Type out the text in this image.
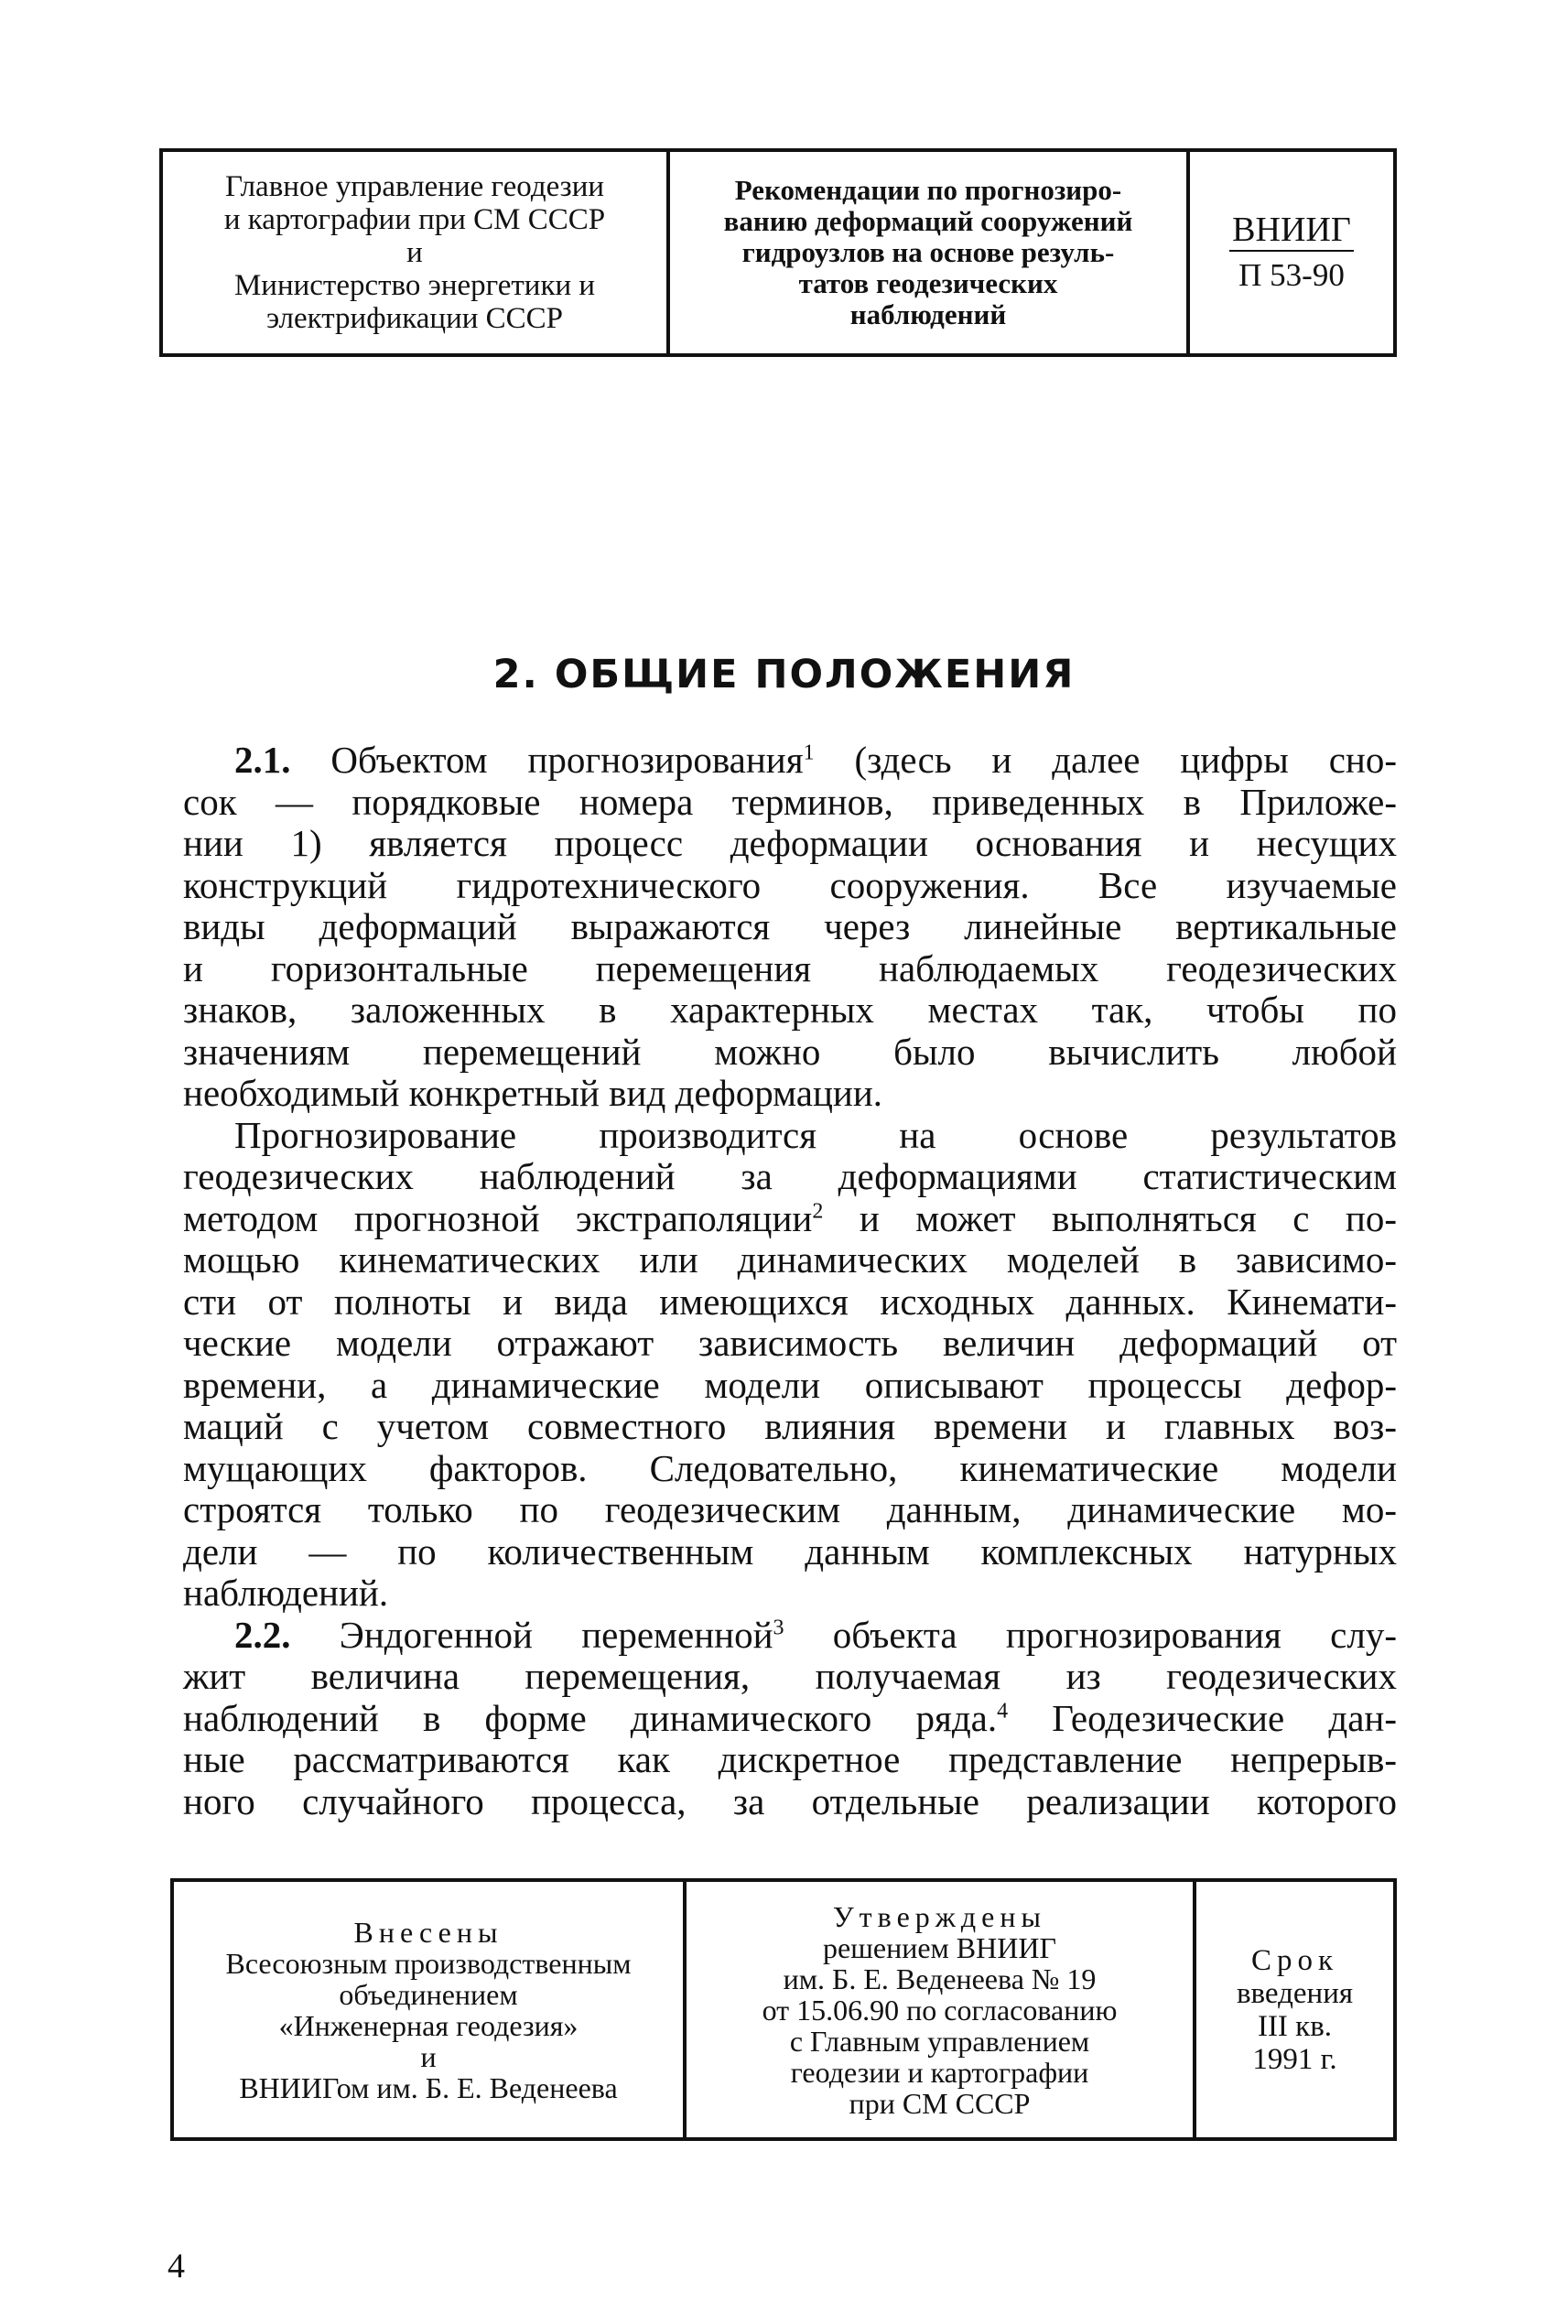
Главное управление геодезии
и картографии при СМ СССР
и
Министерство энергетики и
электрификации СССР
Рекомендации по прогнозиро-
ванию деформаций сооружений
гидроузлов на основе резуль-
татов геодезических
наблюдений
ВНИИГ
П 53-90
2. ОБЩИЕ ПОЛОЖЕНИЯ
2.1. Объектом прогнозирования$^1$ (здесь и далее цифры сно-
сок — порядковые номера терминов, приведенных в Приложе-
нии 1) является процесс деформации основания и несущих
конструкций гидротехнического сооружения. Все изучаемые
виды деформаций выражаются через линейные вертикальные
и горизонтальные перемещения наблюдаемых геодезических
знаков, заложенных в характерных местах так, чтобы по
значениям перемещений можно было вычислить любой
необходимый конкретный вид деформации.
Прогнозирование производится на основе результатов
геодезических наблюдений за деформациями статистическим
методом прогнозной экстраполяции$^2$ и может выполняться с по-
мощью кинематических или динамических моделей в зависимо-
сти от полноты и вида имеющихся исходных данных. Кинемати-
ческие модели отражают зависимость величин деформаций от
времени, а динамические модели описывают процессы дефор-
маций с учетом совместного влияния времени и главных воз-
мущающих факторов. Следовательно, кинематические модели
строятся только по геодезическим данным, динамические мо-
дели — по количественным данным комплексных натурных
наблюдений.
2.2. Эндогенной переменной$^3$ объекта прогнозирования слу-
жит величина перемещения, получаемая из геодезических
наблюдений в форме динамического ряда.$^4$ Геодезические дан-
ные рассматриваются как дискретное представление непрерыв-
ного случайного процесса, за отдельные реализации которого
Внесены
Всесоюзным производственным
объединением
«Инженерная геодезия»
и
ВНИИГом им. Б. Е. Веденеева
Утверждены
решением ВНИИГ
им. Б. Е. Веденеева № 19
от 15.06.90 по согласованию
с Главным управлением
геодезии и картографии
при СМ СССР
Срок
введения
III кв.
1991 г.
4
